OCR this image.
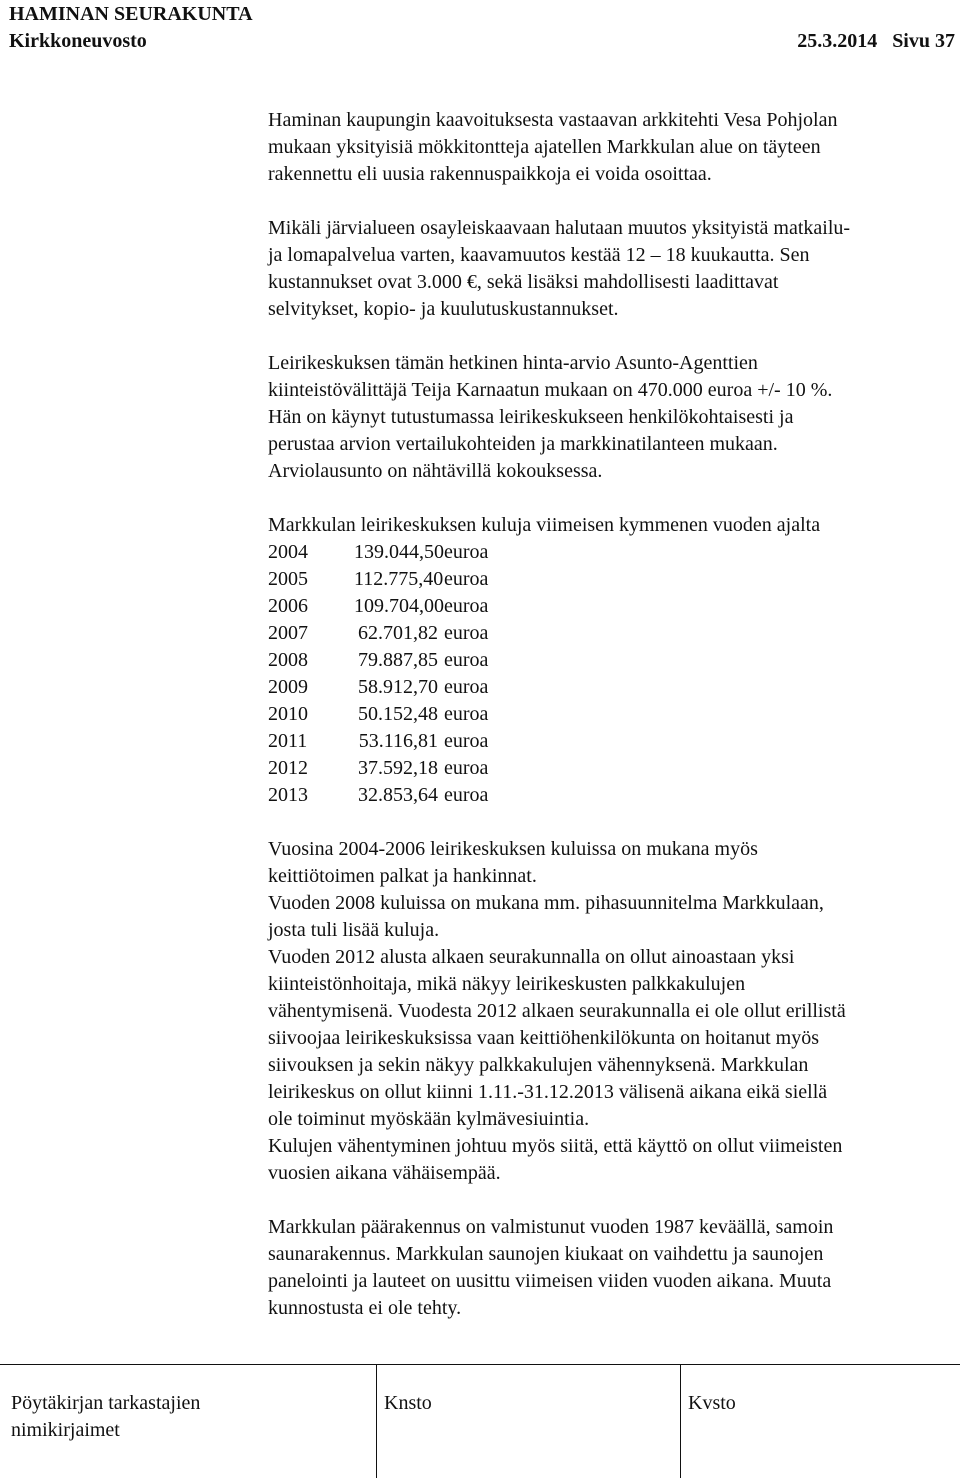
HAMINAN SEURAKUNTA
Kirkkoneuvosto	25.3.2014 Sivu 37

Haminan kaupungin kaavoituksesta vastaavan arkkitehti Vesa Pohjolan
mukaan yksityisiä mökkitontteja ajatellen Markkulan alue on täyteen
rakennettu eli uusia rakennuspaikkoja ei voida osoittaa.

Mikäli järvialueen osayleiskaavaan halutaan muutos yksityistä matkailu-
ja lomapalvelua varten, kaavamuutos kestää 12 – 18 kuukautta. Sen
kustannukset ovat 3.000 €, sekä lisäksi mahdollisesti laadittavat
selvitykset, kopio- ja kuulutuskustannukset.

Leirikeskuksen tämän hetkinen hinta-arvio Asunto-Agenttien
kiinteistövälittäjä Teija Karnaatun mukaan on 470.000 euroa +/- 10 %.
Hän on käynyt tutustumassa leirikeskukseen henkilökohtaisesti ja
perustaa arvion vertailukohteiden ja markkinatilanteen mukaan.
Arviolausunto on nähtävillä kokouksessa.

Markkulan leirikeskuksen kuluja viimeisen kymmenen vuoden ajalta

2004	139.044,50 euroa
2005	112.775,40 euroa
2006	109.704,00 euroa
2007	62.701,82 euroa
2008	79.887,85 euroa
2009	58.912,70 euroa
2010	50.152,48 euroa
2011	53.116,81 euroa
2012	37.592,18 euroa
2013	32.853,64 euroa

Vuosina 2004-2006 leirikeskuksen kuluissa on mukana myös
keittiötoimen palkat ja hankinnat.
Vuoden 2008 kuluissa on mukana mm. pihasuunnitelma Markkulaan,
josta tuli lisää kuluja.
Vuoden 2012 alusta alkaen seurakunnalla on ollut ainoastaan yksi
kiinteistönhoitaja, mikä näkyy leirikeskusten palkkakulujen
vähentymisenä. Vuodesta 2012 alkaen seurakunnalla ei ole ollut erillistä
siivoojaa leirikeskuksissa vaan keittiöhenkilökunta on hoitanut myös
siivouksen ja sekin näkyy palkkakulujen vähennyksenä. Markkulan
leirikeskus on ollut kiinni 1.11.-31.12.2013 välisenä aikana eikä siellä
ole toiminut myöskään kylmävesiuintia.
Kulujen vähentyminen johtuu myös siitä, että käyttö on ollut viimeisten
vuosien aikana vähäisempää.

Markkulan päärakennus on valmistunut vuoden 1987 keväällä, samoin
saunarakennus. Markkulan saunojen kiukaat on vaihdettu ja saunojen
panelointi ja lauteet on uusittu viimeisen viiden vuoden aikana. Muuta
kunnostusta ei ole tehty.

Pöytäkirjan tarkastajien
nimikirjaimet
Knsto	Kvsto
